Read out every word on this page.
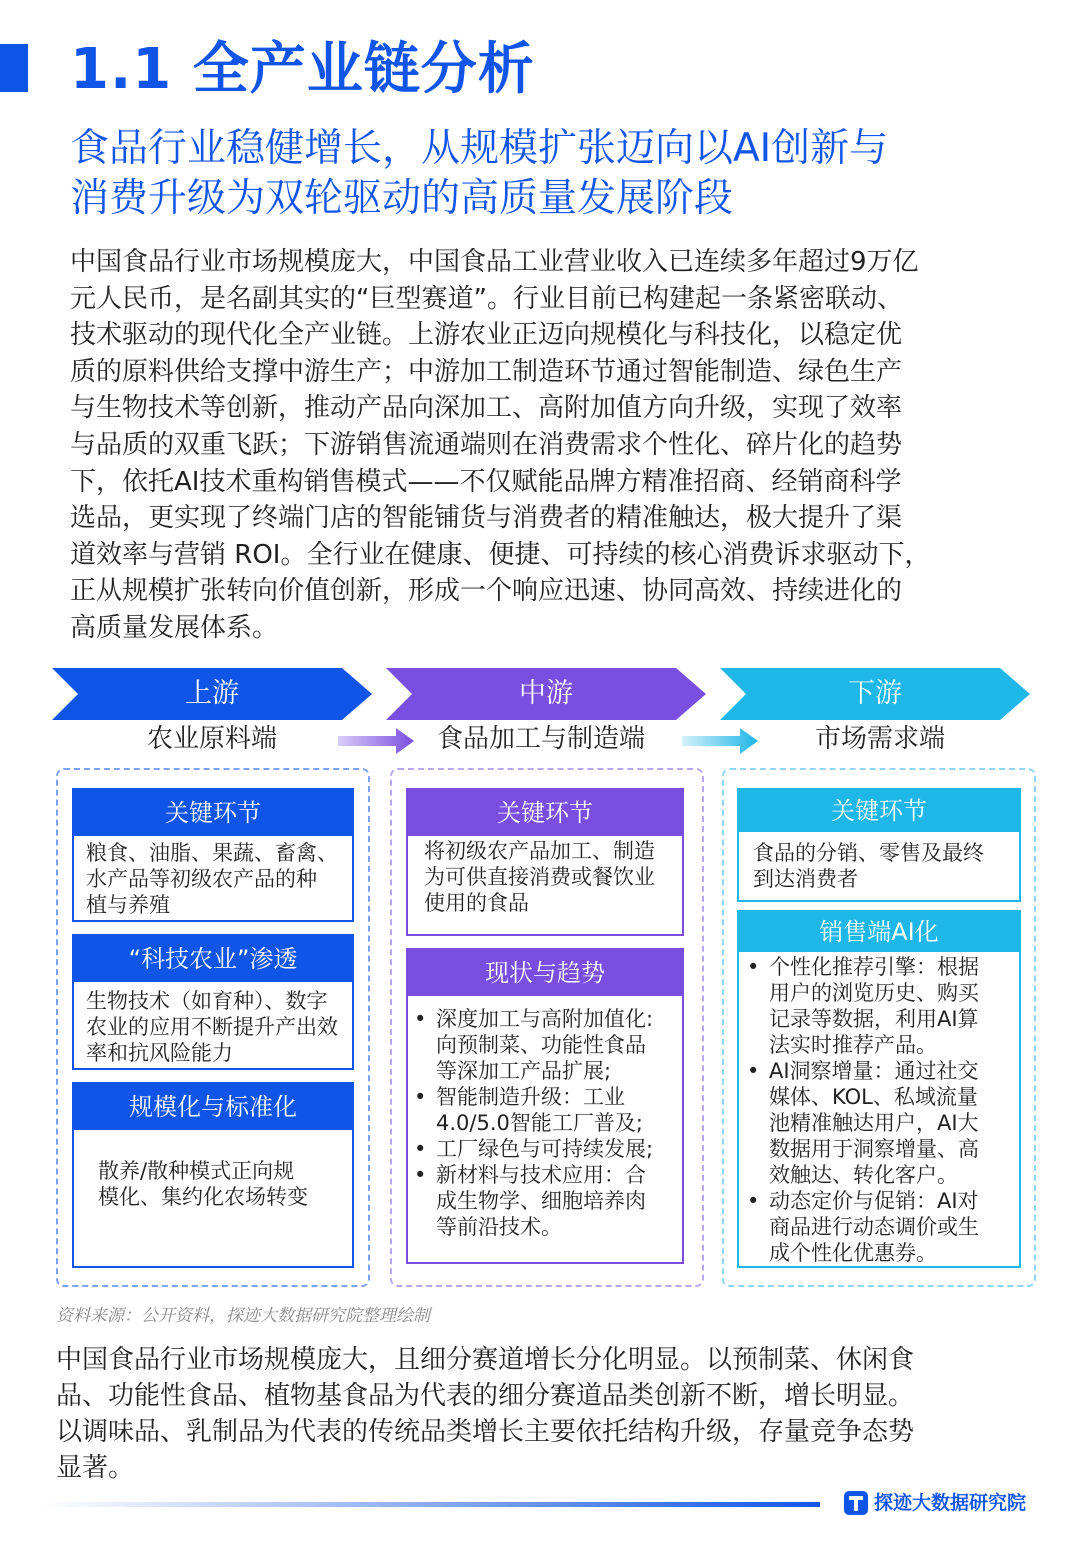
1.1 全产业链分析
食品行业稳健增长，从规模扩张迈向以AI创新与
消费升级为双轮驱动的高质量发展阶段
中国食品行业市场规模庞大，中国食品工业营业收入已连续多年超过9万亿
元人民币，是名副其实的“巨型赛道”。行业目前已构建起一条紧密联动、
技术驱动的现代化全产业链。上游农业正迈向规模化与科技化，以稳定优
质的原料供给支撑中游生产；中游加工制造环节通过智能制造、绿色生产
与生物技术等创新，推动产品向深加工、高附加值方向升级，实现了效率
与品质的双重飞跃；下游销售流通端则在消费需求个性化、碎片化的趋势
下，依托AI技术重构销售模式——不仅赋能品牌方精准招商、经销商科学
选品，更实现了终端门店的智能铺货与消费者的精准触达，极大提升了渠
道效率与营销 ROI。全行业在健康、便捷、可持续的核心消费诉求驱动下，
正从规模扩张转向价值创新，形成一个响应迅速、协同高效、持续进化的
高质量发展体系。
上游	中游	下游
农业原料端	食品加工与制造端	市场需求端
关键环节
粮食、油脂、果蔬、畜禽、
水产品等初级农产品的种
植与养殖
“科技农业”渗透
生物技术（如育种）、数字
农业的应用不断提升产出效
率和抗风险能力
规模化与标准化
散养/散种模式正向规
模化、集约化农场转变
关键环节
将初级农产品加工、制造
为可供直接消费或餐饮业
使用的食品
现状与趋势
• 深度加工与高附加值化:
向预制菜、功能性食品
等深加工产品扩展;
• 智能制造升级：工业
4.0/5.0智能工厂普及;
• 工厂绿色与可持续发展;
• 新材料与技术应用：合
成生物学、细胞培养肉
等前沿技术。
关键环节
食品的分销、零售及最终
到达消费者
销售端AI化
• 个性化推荐引擎：根据
用户的浏览历史、购买
记录等数据，利用AI算
法实时推荐产品。
• AI洞察增量：通过社交
媒体、KOL、私域流量
池精准触达用户，AI大
数据用于洞察增量、高
效触达、转化客户。
• 动态定价与促销：AI对
商品进行动态调价或生
成个性化优惠券。
资料来源：公开资料，探迹大数据研究院整理绘制
中国食品行业市场规模庞大，且细分赛道增长分化明显。以预制菜、休闲食
品、功能性食品、植物基食品为代表的细分赛道品类创新不断，增长明显。
以调味品、乳制品为代表的传统品类增长主要依托结构升级，存量竞争态势
显著。
探迹大数据研究院
